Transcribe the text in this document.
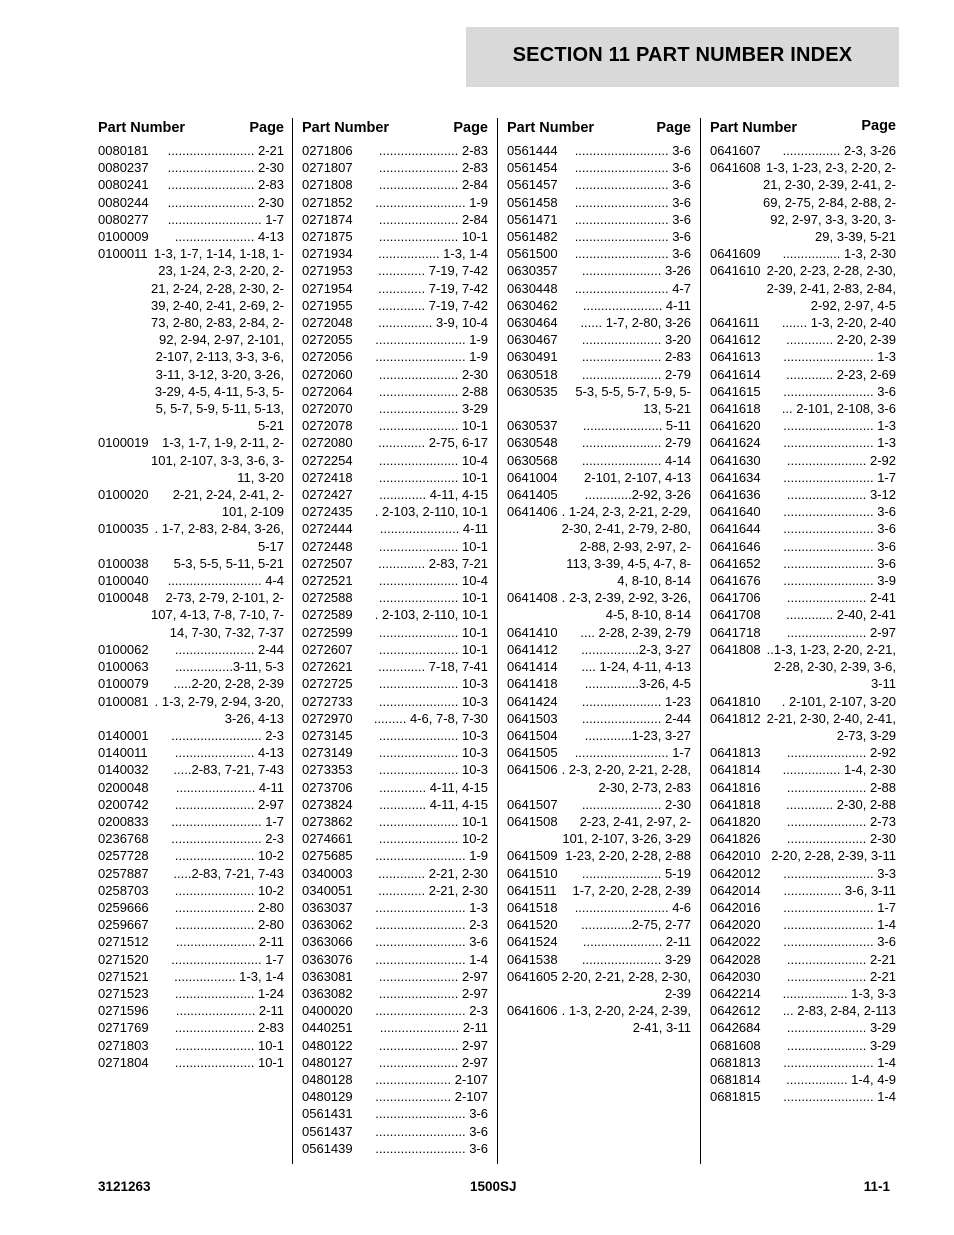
SECTION 11 PART NUMBER INDEX
Part Number	Page
0080181	........................ 2-21
0080237	........................ 2-30
0080241	........................ 2-83
0080244	........................ 2-30
0080277	.......................... 1-7
0100009	...................... 4-13
0100011 1-3, 1-7, 1-14, 1-18, 1-23, 1-24, 2-3, 2-20, 2-21, 2-24, 2-28, 2-30, 2-39, 2-40, 2-41, 2-69, 2-73, 2-80, 2-83, 2-84, 2-92, 2-94, 2-97, 2-101, 2-107, 2-113, 3-3, 3-6, 3-11, 3-12, 3-20, 3-26, 3-29, 4-5, 4-11, 5-3, 5-5, 5-7, 5-9, 5-11, 5-13, 5-21
0100019	1-3, 1-7, 1-9, 2-11, 2-101, 2-107, 3-3, 3-6, 3-11, 3-20
0100020	2-21, 2-24, 2-41, 2-101, 2-109
0100035 . 1-7, 2-83, 2-84, 3-26, 5-17
0100038	5-3, 5-5, 5-11, 5-21
0100040	.......................... 4-4
0100048	2-73, 2-79, 2-101, 2-107, 4-13, 7-8, 7-10, 7-14, 7-30, 7-32, 7-37
0100062	...................... 2-44
0100063	................3-11, 5-3
0100079	.....2-20, 2-28, 2-39
0100081 . 1-3, 2-79, 2-94, 3-20, 3-26, 4-13
0140001	......................... 2-3
0140011	...................... 4-13
0140032	.....2-83, 7-21, 7-43
0200048	...................... 4-11
0200742	...................... 2-97
0200833	......................... 1-7
0236768	......................... 2-3
0257728	...................... 10-2
0257887	.....2-83, 7-21, 7-43
0258703	...................... 10-2
0259666	...................... 2-80
0259667	...................... 2-80
0271512	...................... 2-11
0271520	......................... 1-7
0271521	................. 1-3, 1-4
0271523	...................... 1-24
0271596	...................... 2-11
0271769	...................... 2-83
0271803	...................... 10-1
0271804	...................... 10-1
Part Number	Page
0271806	...................... 2-83
0271807	...................... 2-83
0271808	...................... 2-84
0271852	......................... 1-9
0271874	...................... 2-84
0271875	...................... 10-1
0271934	................. 1-3, 1-4
0271953	............. 7-19, 7-42
0271954	............. 7-19, 7-42
0271955	............. 7-19, 7-42
0272048	............... 3-9, 10-4
0272055	......................... 1-9
0272056	......................... 1-9
0272060	...................... 2-30
0272064	...................... 2-88
0272070	...................... 3-29
0272078	...................... 10-1
0272080	............. 2-75, 6-17
0272254	...................... 10-4
0272418	...................... 10-1
0272427	............. 4-11, 4-15
0272435	. 2-103, 2-110, 10-1
0272444	...................... 4-11
0272448	...................... 10-1
0272507	............. 2-83, 7-21
0272521	...................... 10-4
0272588	...................... 10-1
0272589	. 2-103, 2-110, 10-1
0272599	...................... 10-1
0272607	...................... 10-1
0272621	............. 7-18, 7-41
0272725	...................... 10-3
0272733	...................... 10-3
0272970	......... 4-6, 7-8, 7-30
0273145	...................... 10-3
0273149	...................... 10-3
0273353	...................... 10-3
0273706	............. 4-11, 4-15
0273824	............. 4-11, 4-15
0273862	...................... 10-1
0274661	...................... 10-2
0275685	......................... 1-9
0340003	............. 2-21, 2-30
0340051	............. 2-21, 2-30
0363037	......................... 1-3
0363062	......................... 2-3
0363066	......................... 3-6
0363076	......................... 1-4
0363081	...................... 2-97
0363082	...................... 2-97
0400020	......................... 2-3
0440251	...................... 2-11
0480122	...................... 2-97
0480127	...................... 2-97
0480128	..................... 2-107
0480129	..................... 2-107
0561431	......................... 3-6
0561437	......................... 3-6
0561439	......................... 3-6
Part Number	Page
0561444	.......................... 3-6
0561454	.......................... 3-6
0561457	.......................... 3-6
0561458	.......................... 3-6
0561471	.......................... 3-6
0561482	.......................... 3-6
0561500	.......................... 3-6
0630357	...................... 3-26
0630448	.......................... 4-7
0630462	...................... 4-11
0630464	...... 1-7, 2-80, 3-26
0630467	...................... 3-20
0630491	...................... 2-83
0630518	...................... 2-79
0630535	5-3, 5-5, 5-7, 5-9, 5-13, 5-21
0630537	...................... 5-11
0630548	...................... 2-79
0630568	...................... 4-14
0641004	2-101, 2-107, 4-13
0641405	.............2-92, 3-26
0641406 . 1-24, 2-3, 2-21, 2-29, 2-30, 2-41, 2-79, 2-80, 2-88, 2-93, 2-97, 2-113, 3-39, 4-5, 4-7, 8-4, 8-10, 8-14
0641408 . 2-3, 2-39, 2-92, 3-26, 4-5, 8-10, 8-14
0641410	.... 2-28, 2-39, 2-79
0641412	................2-3, 3-27
0641414	.... 1-24, 4-11, 4-13
0641418	...............3-26, 4-5
0641424	...................... 1-23
0641503	...................... 2-44
0641504	.............1-23, 3-27
0641505	.......................... 1-7
0641506 . 2-3, 2-20, 2-21, 2-28, 2-30, 2-73, 2-83
0641507	...................... 2-30
0641508	2-23, 2-41, 2-97, 2-101, 2-107, 3-26, 3-29
0641509 1-23, 2-20, 2-28, 2-88
0641510	...................... 5-19
0641511	1-7, 2-20, 2-28, 2-39
0641518	.......................... 4-6
0641520	..............2-75, 2-77
0641524	...................... 2-11
0641538	...................... 3-29
0641605 2-20, 2-21, 2-28, 2-30, 2-39
0641606 . 1-3, 2-20, 2-24, 2-39, 2-41, 3-11
Part Number	Page
0641607	................ 2-3, 3-26
0641608 1-3, 1-23, 2-3, 2-20, 2-21, 2-30, 2-39, 2-41, 2-69, 2-75, 2-84, 2-88, 2-92, 2-97, 3-3, 3-20, 3-29, 3-39, 5-21
0641609	................ 1-3, 2-30
0641610 2-20, 2-23, 2-28, 2-30, 2-39, 2-41, 2-83, 2-84, 2-92, 2-97, 4-5
0641611	....... 1-3, 2-20, 2-40
0641612	............. 2-20, 2-39
0641613	......................... 1-3
0641614	............. 2-23, 2-69
0641615	......................... 3-6
0641618	... 2-101, 2-108, 3-6
0641620	......................... 1-3
0641624	......................... 1-3
0641630	...................... 2-92
0641634	......................... 1-7
0641636	...................... 3-12
0641640	......................... 3-6
0641644	......................... 3-6
0641646	......................... 3-6
0641652	......................... 3-6
0641676	......................... 3-9
0641706	...................... 2-41
0641708	............. 2-40, 2-41
0641718	...................... 2-97
0641808 ..1-3, 1-23, 2-20, 2-21, 2-28, 2-30, 2-39, 3-6, 3-11
0641810	. 2-101, 2-107, 3-20
0641812 2-21, 2-30, 2-40, 2-41, 2-73, 3-29
0641813	...................... 2-92
0641814	................ 1-4, 2-30
0641816	...................... 2-88
0641818	............. 2-30, 2-88
0641820	...................... 2-73
0641826	...................... 2-30
0642010 2-20, 2-28, 2-39, 3-11
0642012	......................... 3-3
0642014	................ 3-6, 3-11
0642016	......................... 1-7
0642020	......................... 1-4
0642022	......................... 3-6
0642028	...................... 2-21
0642030	...................... 2-21
0642214	.................. 1-3, 3-3
0642612	... 2-83, 2-84, 2-113
0642684	...................... 3-29
0681608	...................... 3-29
0681813	......................... 1-4
0681814	................. 1-4, 4-9
0681815	......................... 1-4
3121263	1500SJ	11-1
